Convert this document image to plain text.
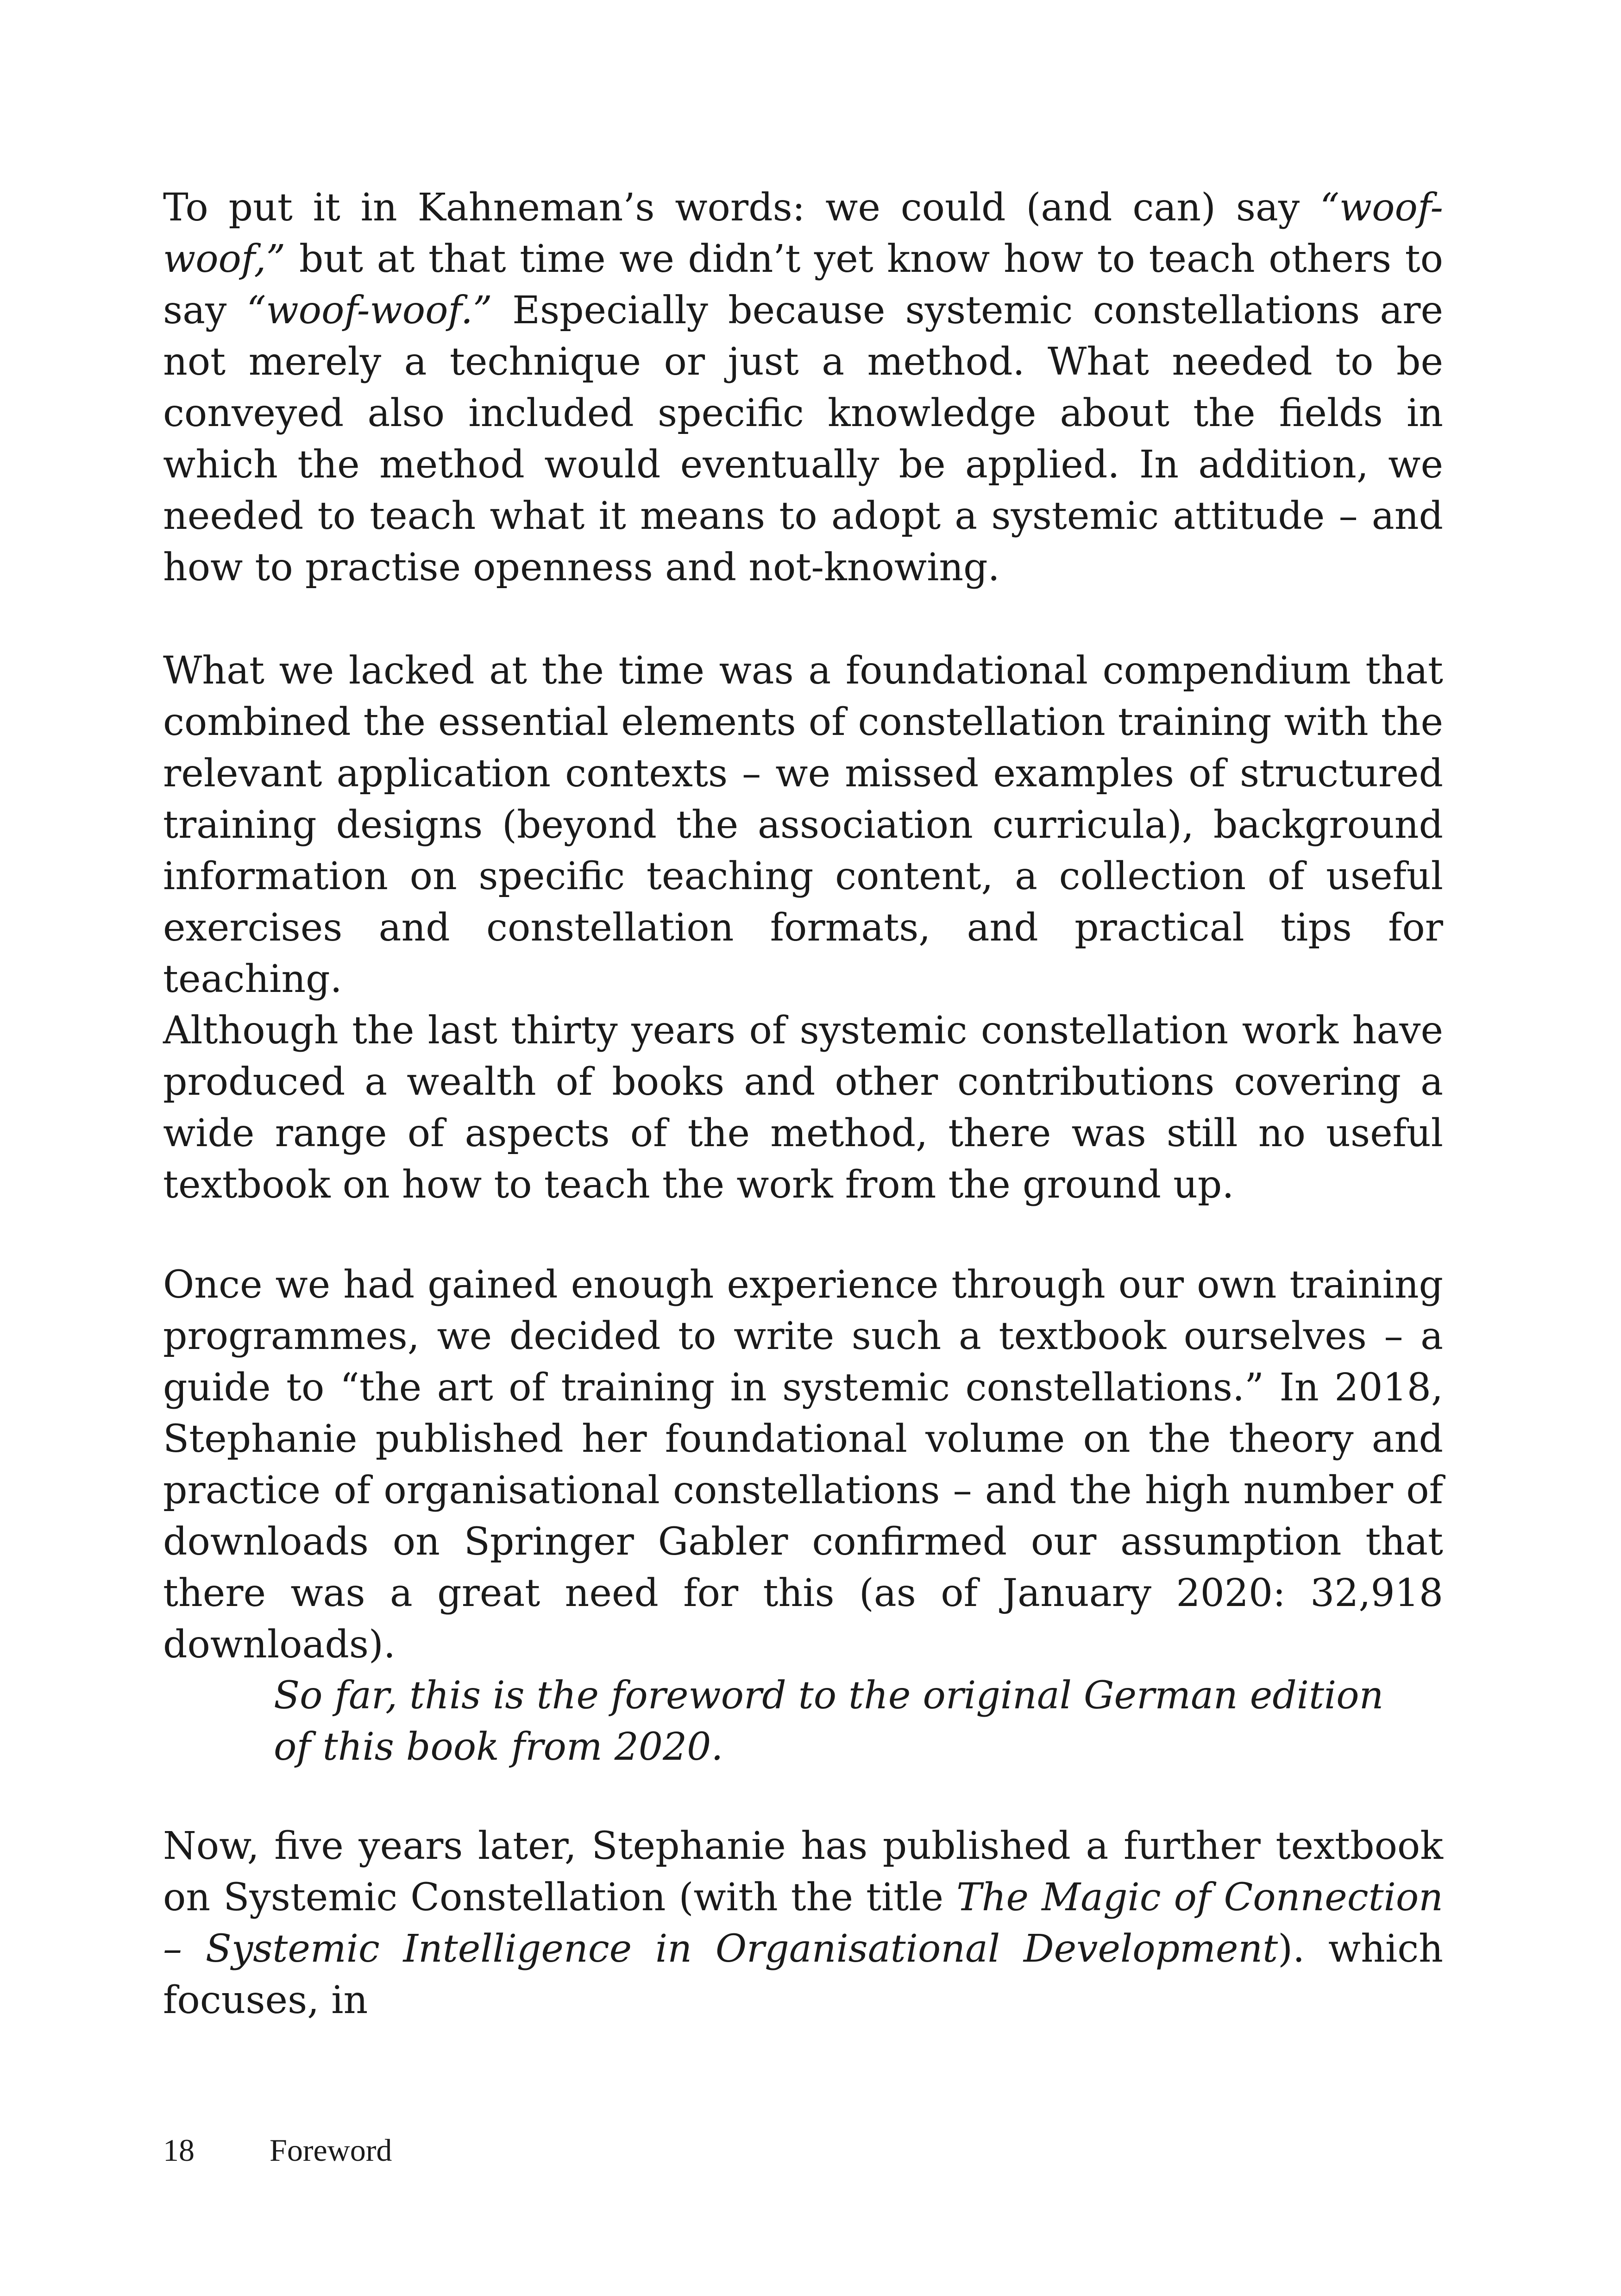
To put it in Kahneman’s words: we could (and can) say “woof-woof,” but at that time we didn’t yet know how to teach others to say “woof-woof.” Especially because systemic constellations are not merely a technique or just a method. What needed to be conveyed also included specific knowledge about the fields in which the method would eventually be applied. In addition, we needed to teach what it means to adopt a systemic attitude – and how to practise openness and not-knowing.

What we lacked at the time was a foundational compendium that combined the essential elements of constellation training with the relevant application contexts – we missed examples of structured training designs (beyond the association curricula), background information on specific teaching content, a collection of useful exercises and constellation formats, and practical tips for teaching.

Although the last thirty years of systemic constellation work have produced a wealth of books and other contributions covering a wide range of aspects of the method, there was still no useful textbook on how to teach the work from the ground up.

Once we had gained enough experience through our own training programmes, we decided to write such a textbook ourselves – a guide to “the art of training in systemic constellations.” In 2018, Stephanie published her foundational volume on the theory and practice of organisational constellations – and the high number of downloads on Springer Gabler confirmed our assumption that there was a great need for this (as of January 2020: 32,918 downloads).

So far, this is the foreword to the original German edition of this book from 2020.

Now, five years later, Stephanie has published a further textbook on Systemic Constellation (with the title The Magic of Connection – Systemic Intelligence in Organisational Development). which focuses, in

18 Foreword
